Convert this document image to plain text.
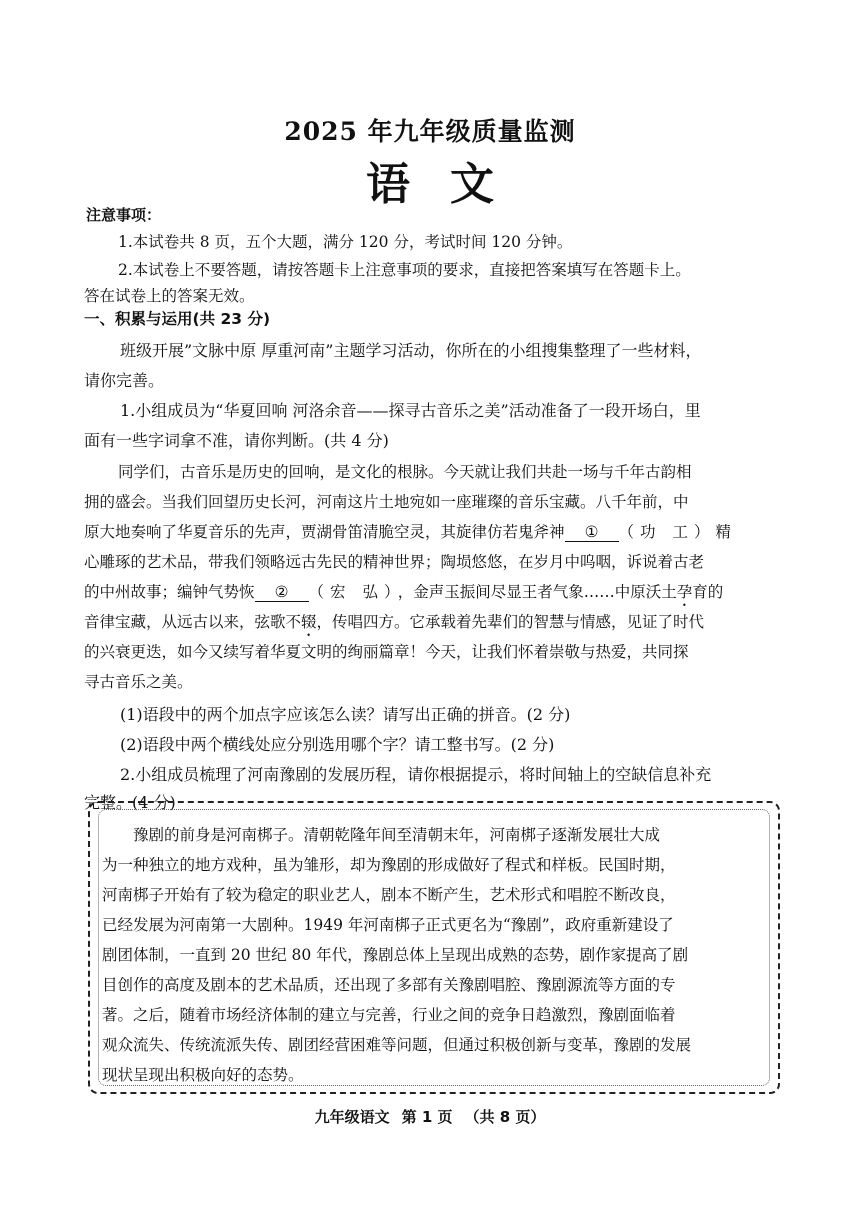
2025 年九年级质量监测
语文
注意事项：
1.本试卷共 8 页，五个大题，满分 120 分，考试时间 120 分钟。
2.本试卷上不要答题，请按答题卡上注意事项的要求，直接把答案填写在答题卡上。
答在试卷上的答案无效。
一、积累与运用(共 23 分)
班级开展”文脉中原 厚重河南”主题学习活动，你所在的小组搜集整理了一些材料，
请你完善。
1.小组成员为“华夏回响 河洛余音——探寻古音乐之美”活动准备了一段开场白，里
面有一些字词拿不准，请你判断。(共 4 分)
同学们，古音乐是历史的回响，是文化的根脉。今天就让我们共赴一场与千年古韵相
拥的盛会。当我们回望历史长河，河南这片土地宛如一座璀璨的音乐宝藏。八千年前，中
原大地奏响了华夏音乐的先声，贾湖骨笛清脆空灵，其旋律仿若鬼斧神 ① （功 工）精
心雕琢的艺术品，带我们领略远古先民的精神世界；陶埙悠悠，在岁月中呜咽，诉说着古老
的中州故事；编钟气势恢 ② （宏 弘），金声玉振间尽显王者气象……中原沃土孕育的
音律宝藏，从远古以来，弦歌不辍，传唱四方。它承载着先辈们的智慧与情感，见证了时代
的兴衰更迭，如今又续写着华夏文明的绚丽篇章！今天，让我们怀着崇敬与热爱，共同探
寻古音乐之美。
(1)语段中的两个加点字应该怎么读？请写出正确的拼音。(2 分)
(2)语段中两个横线处应分别选用哪个字？请工整书写。(2 分)
2.小组成员梳理了河南豫剧的发展历程，请你根据提示，将时间轴上的空缺信息补充
完整。(4 分)
豫剧的前身是河南梆子。清朝乾隆年间至清朝末年，河南梆子逐渐发展壮大成
为一种独立的地方戏种，虽为雏形，却为豫剧的形成做好了程式和样板。民国时期，
河南梆子开始有了较为稳定的职业艺人，剧本不断产生，艺术形式和唱腔不断改良，
已经发展为河南第一大剧种。1949 年河南梆子正式更名为“豫剧”，政府重新建设了
剧团体制，一直到 20 世纪 80 年代，豫剧总体上呈现出成熟的态势，剧作家提高了剧
目创作的高度及剧本的艺术品质，还出现了多部有关豫剧唱腔、豫剧源流等方面的专
著。之后，随着市场经济体制的建立与完善，行业之间的竞争日趋激烈，豫剧面临着
观众流失、传统流派失传、剧团经营困难等问题，但通过积极创新与变革，豫剧的发展
现状呈现出积极向好的态势。
九年级语文 第 1 页 （共 8 页）
